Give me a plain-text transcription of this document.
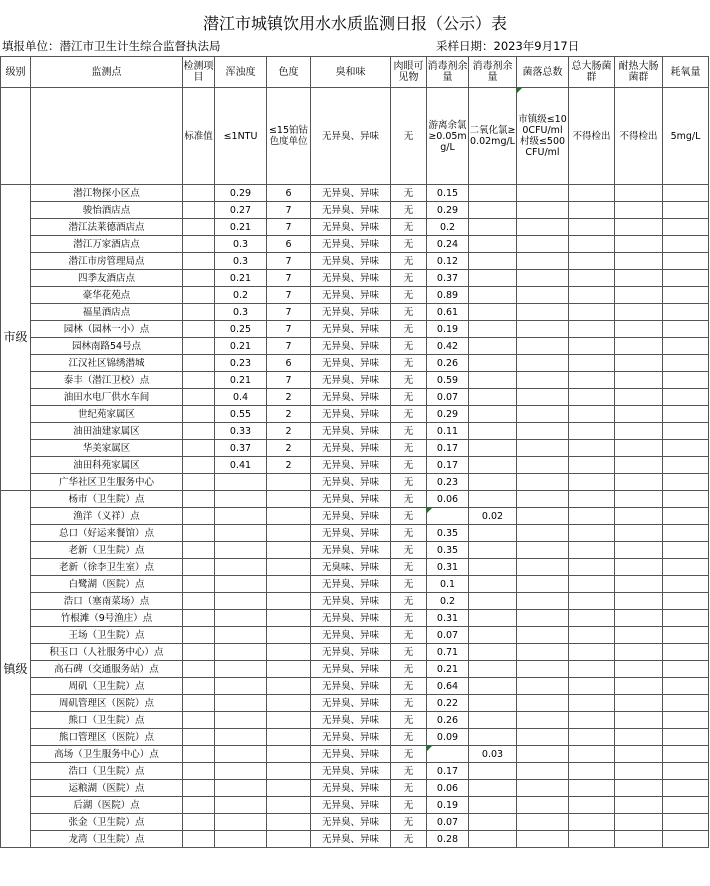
潜江市城镇饮用水水质监测日报（公示）表
填报单位：潜江市卫生计生综合监督执法局	采样日期：2023年9月17日
级别	监测点	检测项目	浑浊度	色度	臭和味	肉眼可见物	消毒剂余量	消毒剂余量	菌落总数	总大肠菌群	耐热大肠菌群	耗氧量
		标准值	≤1NTU	≤15铂钴色度单位	无异臭、异味	无	游离余氯≥0.05mg/L	二氧化氯≥0.02mg/L	市镇级≤100CFU/ml 村级≤500CFU/ml	不得检出	不得检出	5mg/L
市级	潜江物探小区点		0.29	6	无异臭、异味	无	0.15					
	骏怡酒店点		0.27	7	无异臭、异味	无	0.29					
	潜江法莱德酒店点		0.21	7	无异臭、异味	无	0.2					
	潜江万家酒店点		0.3	6	无异臭、异味	无	0.24					
	潜江市房管理局点		0.3	7	无异臭、异味	无	0.12					
	四季友酒店点		0.21	7	无异臭、异味	无	0.37					
	豪华花苑点		0.2	7	无异臭、异味	无	0.89					
	福星酒店点		0.3	7	无异臭、异味	无	0.61					
	园林（园林一小）点		0.25	7	无异臭、异味	无	0.19					
	园林南路54号点		0.21	7	无异臭、异味	无	0.42					
	江汉社区锦绣潜城		0.23	6	无异臭、异味	无	0.26					
	泰丰（潜江卫校）点		0.21	7	无异臭、异味	无	0.59					
	油田水电厂供水车间		0.4	2	无异臭、异味	无	0.07					
	世纪苑家属区		0.55	2	无异臭、异味	无	0.29					
	油田油建家属区		0.33	2	无异臭、异味	无	0.11					
	华美家属区		0.37	2	无异臭、异味	无	0.17					
	油田科苑家属区		0.41	2	无异臭、异味	无	0.17					
	广华社区卫生服务中心				无异臭、异味	无	0.23					
镇级	杨市（卫生院）点				无异臭、异味	无	0.06					
	渔洋（义祥）点				无异臭、异味	无		0.02				
	总口（好运来餐馆）点				无异臭、异味	无	0.35					
	老新（卫生院）点				无异臭、异味	无	0.35					
	老新（徐李卫生室）点				无臭味、异味	无	0.31					
	白鹭湖（医院）点				无异臭、异味	无	0.1					
	浩口（塞南菜场）点				无异臭、异味	无	0.2					
	竹根滩（9号渔庄）点				无异臭、异味	无	0.31					
	王场（卫生院）点				无异臭、异味	无	0.07					
	积玉口（人社服务中心）点				无异臭、异味	无	0.71					
	高石碑（交通服务站）点				无异臭、异味	无	0.21					
	周矶（卫生院）点				无异臭、异味	无	0.64					
	周矶管理区（医院）点				无异臭、异味	无	0.22					
	熊口（卫生院）点				无异臭、异味	无	0.26					
	熊口管理区（医院）点				无异臭、异味	无	0.09					
	高场（卫生服务中心）点				无异臭、异味	无		0.03				
	浩口（卫生院）点				无异臭、异味	无	0.17					
	运粮湖（医院）点				无异臭、异味	无	0.06					
	后湖（医院）点				无异臭、异味	无	0.19					
	张金（卫生院）点				无异臭、异味	无	0.07					
	龙湾（卫生院）点				无异臭、异味	无	0.28					
